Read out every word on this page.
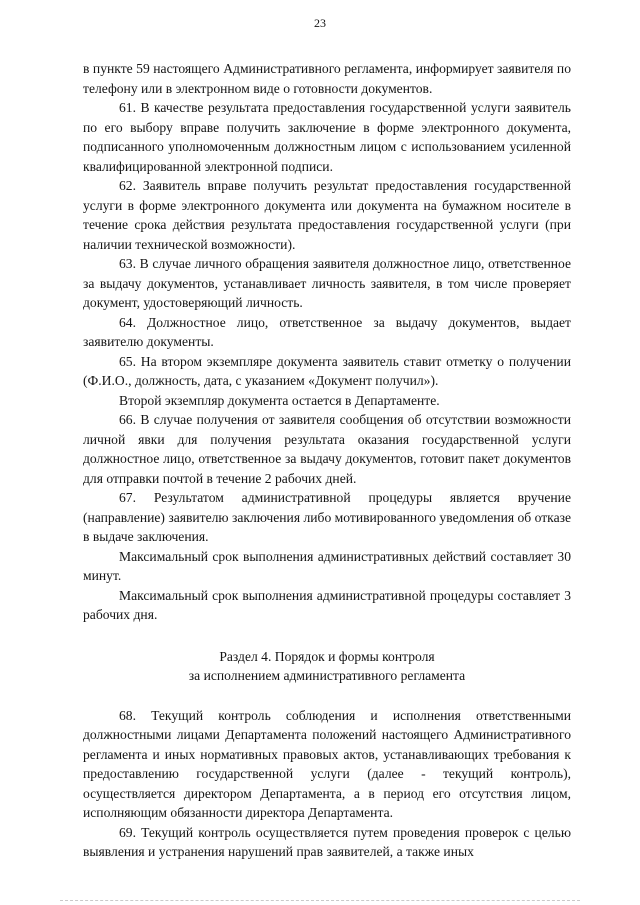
23

в пункте 59 настоящего Административного регламента, информирует заявителя по телефону или в электронном виде о готовности документов.

61. В качестве результата предоставления государственной услуги заявитель по его выбору вправе получить заключение в форме электронного документа, подписанного уполномоченным должностным лицом с использованием усиленной квалифицированной электронной подписи.

62. Заявитель вправе получить результат предоставления государственной услуги в форме электронного документа или документа на бумажном носителе в течение срока действия результата предоставления государственной услуги (при наличии технической возможности).

63. В случае личного обращения заявителя должностное лицо, ответственное за выдачу документов, устанавливает личность заявителя, в том числе проверяет документ, удостоверяющий личность.

64. Должностное лицо, ответственное за выдачу документов, выдает заявителю документы.

65. На втором экземпляре документа заявитель ставит отметку о получении (Ф.И.О., должность, дата, с указанием «Документ получил»).

Второй экземпляр документа остается в Департаменте.

66. В случае получения от заявителя сообщения об отсутствии возможности личной явки для получения результата оказания государственной услуги должностное лицо, ответственное за выдачу документов, готовит пакет документов для отправки почтой в течение 2 рабочих дней.

67. Результатом административной процедуры является вручение (направление) заявителю заключения либо мотивированного уведомления об отказе в выдаче заключения.

Максимальный срок выполнения административных действий составляет 30 минут.

Максимальный срок выполнения административной процедуры составляет 3 рабочих дня.

Раздел 4. Порядок и формы контроля
за исполнением административного регламента

68. Текущий контроль соблюдения и исполнения ответственными должностными лицами Департамента положений настоящего Административного регламента и иных нормативных правовых актов, устанавливающих требования к предоставлению государственной услуги (далее - текущий контроль), осуществляется директором Департамента, а в период его отсутствия лицом, исполняющим обязанности директора Департамента.

69. Текущий контроль осуществляется путем проведения проверок с целью выявления и устранения нарушений прав заявителей, а также иных
